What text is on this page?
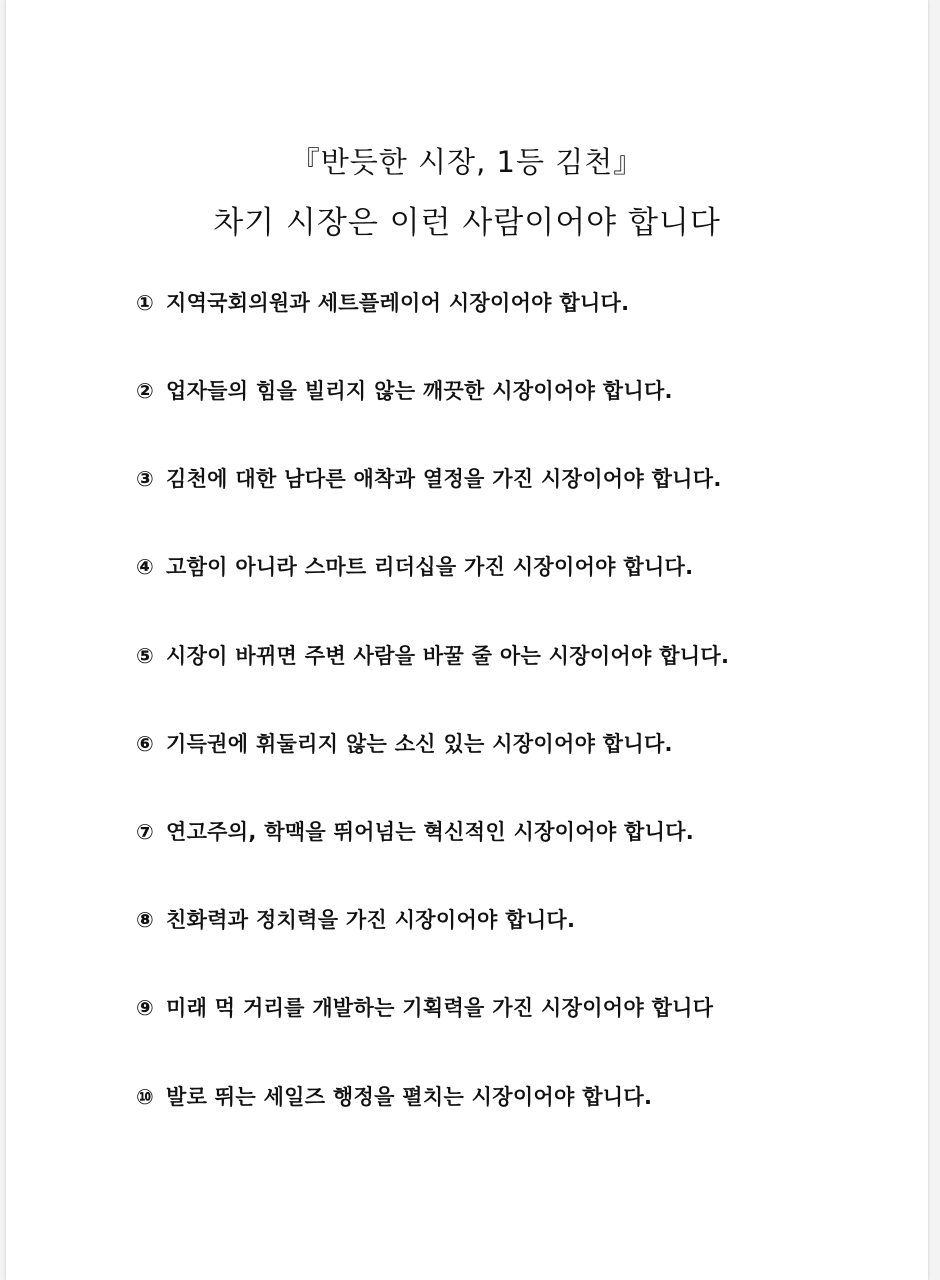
『반듯한 시장, 1등 김천』
차기 시장은 이런 사람이어야 합니다
① 지역국회의원과 세트플레이어 시장이어야 합니다.
② 업자들의 힘을 빌리지 않는 깨끗한 시장이어야 합니다.
③ 김천에 대한 남다른 애착과 열정을 가진 시장이어야 합니다.
④ 고함이 아니라 스마트 리더십을 가진 시장이어야 합니다.
⑤ 시장이 바뀌면 주변 사람을 바꿀 줄 아는 시장이어야 합니다.
⑥ 기득권에 휘둘리지 않는 소신 있는 시장이어야 합니다.
⑦ 연고주의, 학맥을 뛰어넘는 혁신적인 시장이어야 합니다.
⑧ 친화력과 정치력을 가진 시장이어야 합니다.
⑨ 미래 먹 거리를 개발하는 기획력을 가진 시장이어야 합니다
⑩ 발로 뛰는 세일즈 행정을 펼치는 시장이어야 합니다.
